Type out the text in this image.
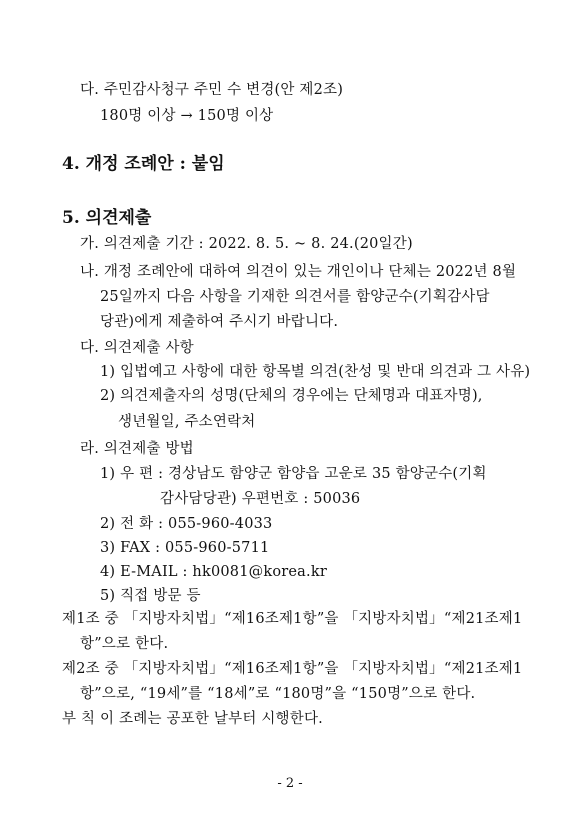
다. 주민감사청구 주민 수 변경(안 제2조)
180명 이상 → 150명 이상
4. 개정 조례안 : 붙임
5. 의견제출
가. 의견제출 기간 : 2022. 8. 5. ~ 8. 24.(20일간)
나. 개정 조례안에 대하여 의견이 있는 개인이나 단체는 2022년 8월
25일까지 다음 사항을 기재한 의견서를 함양군수(기획감사담
당관)에게 제출하여 주시기 바랍니다.
다. 의견제출 사항
1) 입법예고 사항에 대한 항목별 의견(찬성 및 반대 의견과 그 사유)
2) 의견제출자의 성명(단체의 경우에는 단체명과 대표자명),
생년월일, 주소연락처
라. 의견제출 방법
1) 우 편 : 경상남도 함양군 함양읍 고운로 35 함양군수(기획
감사담당관) 우편번호 : 50036
2) 전 화 : 055-960-4033
3) FAX : 055-960-5711
4) E-MAIL : hk0081@korea.kr
5) 직접 방문 등
제1조 중 「지방자치법」“제16조제1항”을 「지방자치법」“제21조제1
항”으로 한다.
제2조 중 「지방자치법」“제16조제1항”을 「지방자치법」“제21조제1
항”으로, “19세”를 “18세”로 “180명”을 “150명”으로 한다.
부 칙 이 조례는 공포한 날부터 시행한다.
- 2 -
